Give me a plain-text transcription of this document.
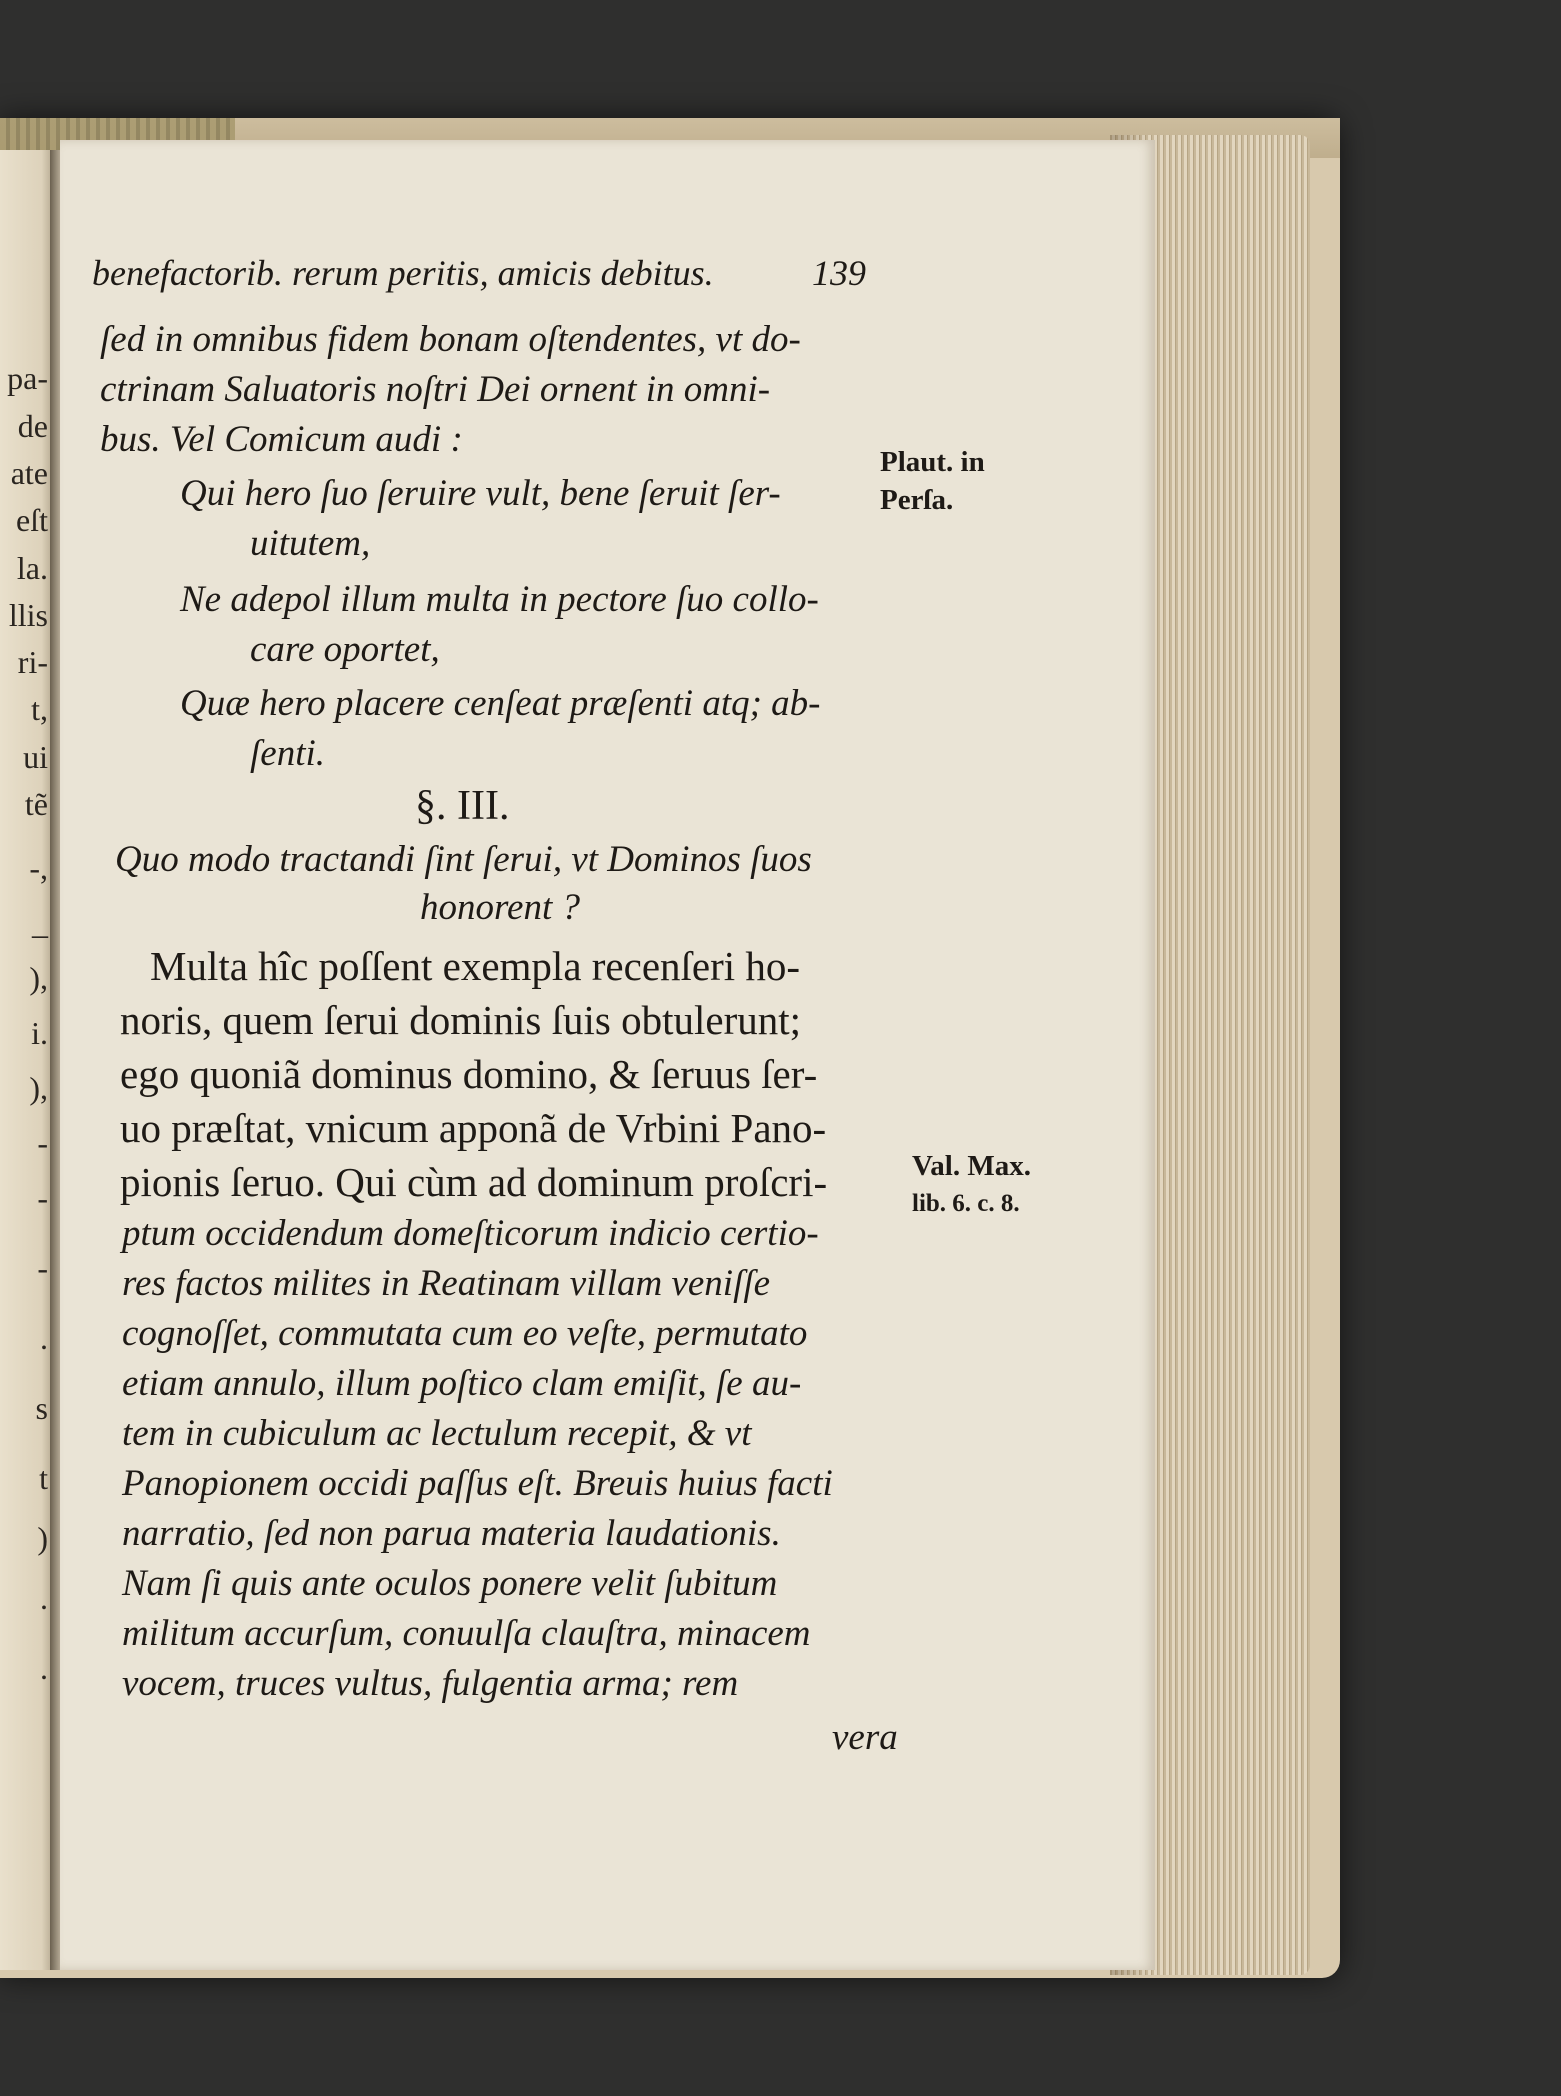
pa-
de
ate
eſt
la.
llis
ri-
t,
ui
tẽ
-,
_
),
i.
),
-
-
-
.
s
t
)
.
.
benefactorib. rerum peritis, amicis debitus.	139
ſed in omnibus fidem bonam oſtendentes, vt do-
ctrinam Saluatoris noſtri Dei ornent in omni-
bus. Vel Comicum audi :
Qui hero ſuo ſeruire vult, bene ſeruit ſer-
uitutem,
Ne adepol illum multa in pectore ſuo collo-
care oportet,
Quæ hero placere cenſeat præſenti atq; ab-
ſenti.
§. III.
Quo modo tractandi ſint ſerui, vt Dominos ſuos
honorent ?
Multa hîc poſſent exempla recenſeri ho-
noris, quem ſerui dominis ſuis obtulerunt;
ego quoniã dominus domino, & ſeruus ſer-
uo præſtat, vnicum apponã de Vrbini Pano-
pionis ſeruo. Qui cùm ad dominum proſcri-
ptum occidendum domeſticorum indicio certio-
res factos milites in Reatinam villam veniſſe
cognoſſet, commutata cum eo veſte, permutato
etiam annulo, illum poſtico clam emiſit, ſe au-
tem in cubiculum ac lectulum recepit, & vt
Panopionem occidi paſſus eſt. Breuis huius facti
narratio, ſed non parua materia laudationis.
Nam ſi quis ante oculos ponere velit ſubitum
militum accurſum, conuulſa clauſtra, minacem
vocem, truces vultus, fulgentia arma; rem
vera
Plaut. in
Perſa.
Val. Max.
lib. 6. c. 8.
